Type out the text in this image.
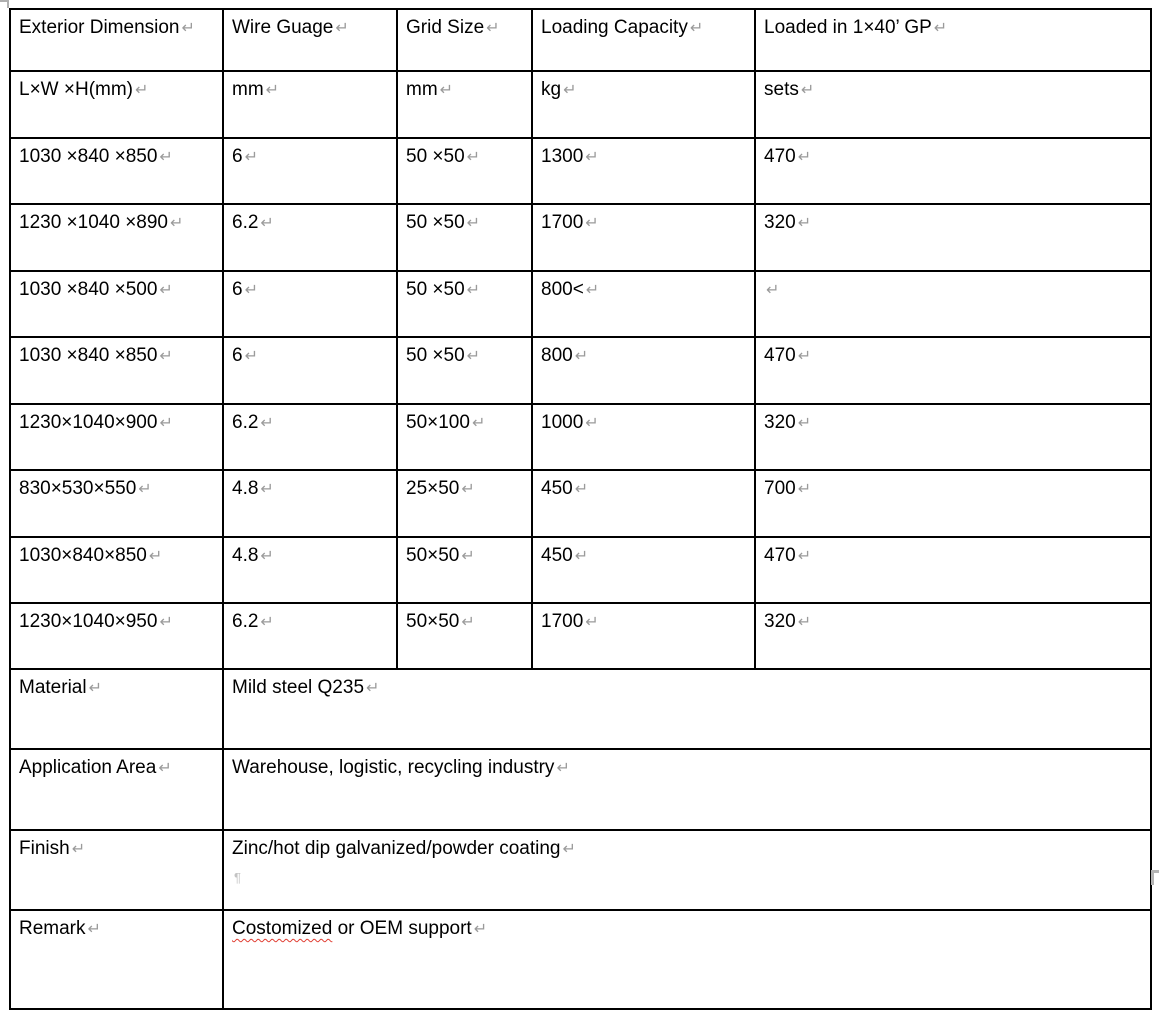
Exterior Dimension ↵	Wire Guage ↵	Grid Size ↵	Loading Capacity ↵	Loaded in 1×40’ GP ↵
L×W ×H(mm) ↵	mm ↵	mm ↵	kg ↵	sets ↵
1030 ×840 ×850 ↵	6 ↵	50 ×50 ↵	1300 ↵	470 ↵
1230 ×1040 ×890 ↵	6.2 ↵	50 ×50 ↵	1700 ↵	320 ↵
1030 ×840 ×500 ↵	6 ↵	50 ×50 ↵	800< ↵	↵
1030 ×840 ×850 ↵	6 ↵	50 ×50 ↵	800 ↵	470 ↵
1230×1040×900 ↵	6.2 ↵	50×100 ↵	1000 ↵	320 ↵
830×530×550 ↵	4.8 ↵	25×50 ↵	450 ↵	700 ↵
1030×840×850 ↵	4.8 ↵	50×50 ↵	450 ↵	470 ↵
1230×1040×950 ↵	6.2 ↵	50×50 ↵	1700 ↵	320 ↵
Material ↵	Mild steel Q235 ↵			
Application Area ↵	Warehouse, logistic, recycling industry ↵			
Finish ↵	Zinc/hot dip galvanized/powder coating ↵			
Remark ↵	Costomized or OEM support ↵			
¶
